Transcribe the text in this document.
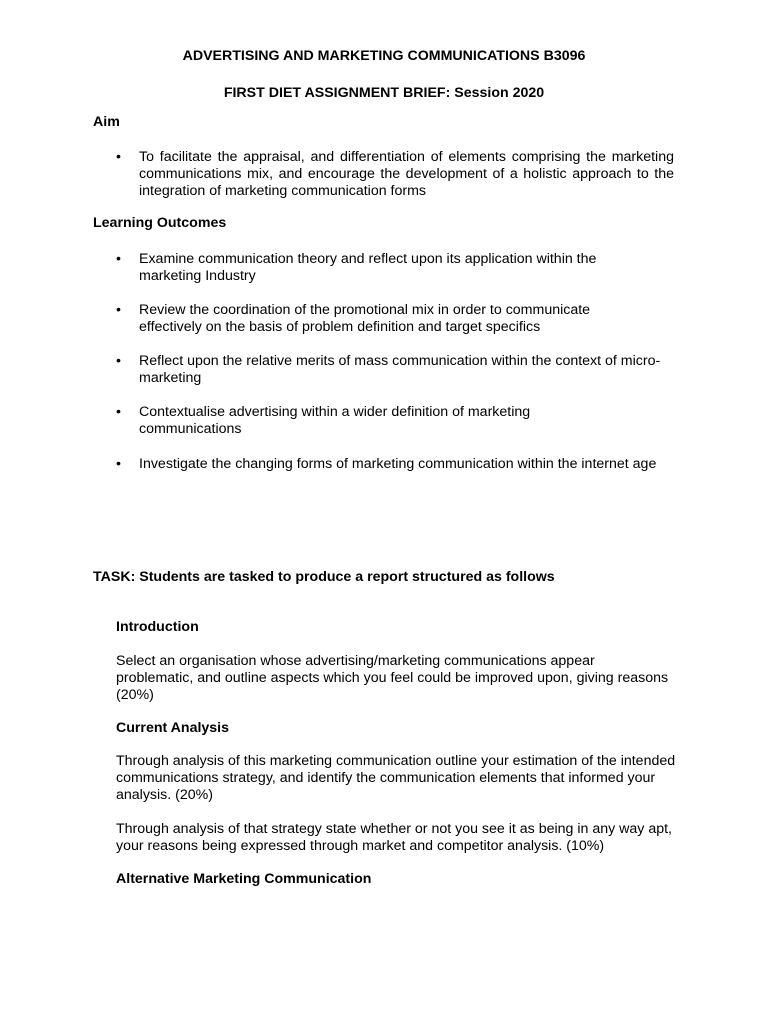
ADVERTISING AND MARKETING COMMUNICATIONS B3096
FIRST DIET ASSIGNMENT BRIEF: Session 2020
Aim
• To facilitate the appraisal, and differentiation of elements comprising the marketing communications mix, and encourage the development of a holistic approach to the integration of marketing communication forms
Learning Outcomes
• Examine communication theory and reflect upon its application within the marketing Industry
• Review the coordination of the promotional mix in order to communicate effectively on the basis of problem definition and target specifics
• Reflect upon the relative merits of mass communication within the context of micro-marketing
• Contextualise advertising within a wider definition of marketing communications
• Investigate the changing forms of marketing communication within the internet age
TASK: Students are tasked to produce a report structured as follows
Introduction
Select an organisation whose advertising/marketing communications appear problematic, and outline aspects which you feel could be improved upon, giving reasons (20%)
Current Analysis
Through analysis of this marketing communication outline your estimation of the intended communications strategy, and identify the communication elements that informed your analysis. (20%)
Through analysis of that strategy state whether or not you see it as being in any way apt, your reasons being expressed through market and competitor analysis. (10%)
Alternative Marketing Communication
